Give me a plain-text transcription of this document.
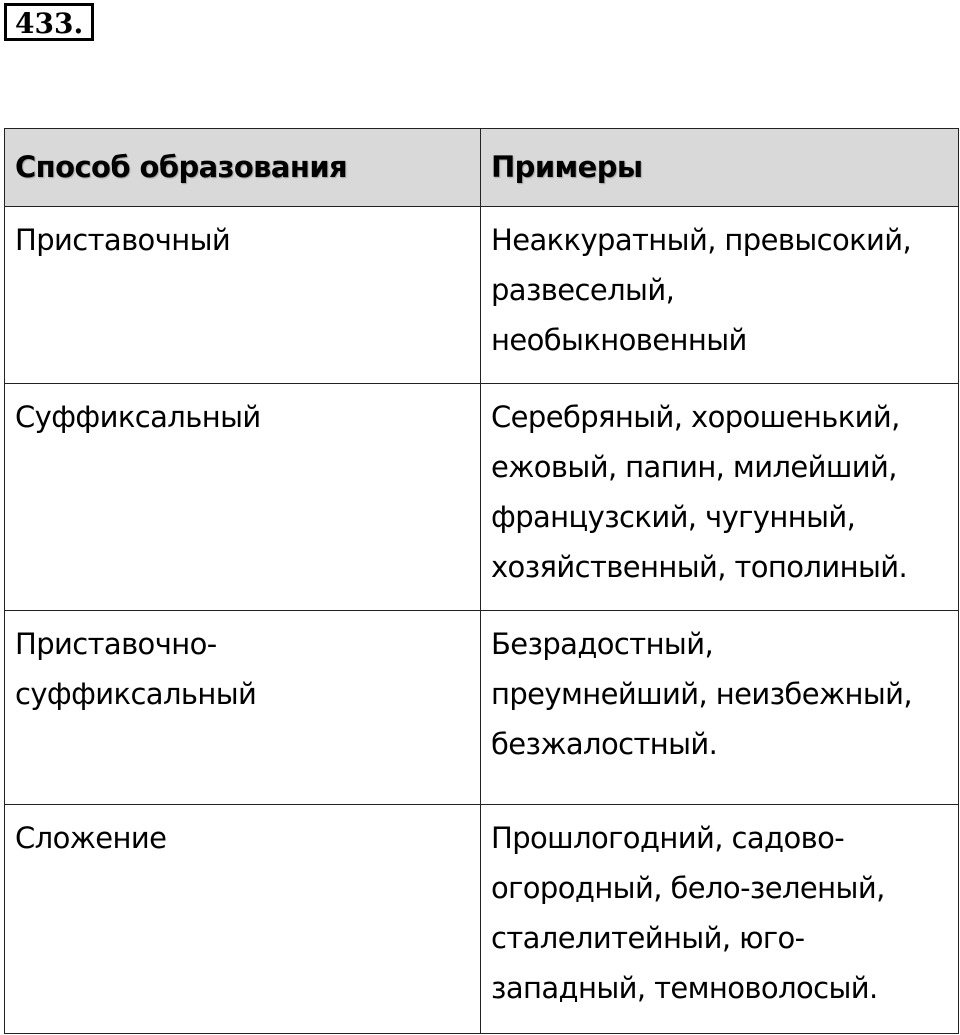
433.
Способ образования	Примеры
Приставочный	Неаккуратный, превысокий,
развеселый,
необыкновенный

Суффиксальный	Серебряный, хорошенький,
ежовый, папин, милейший,
французский, чугунный,
хозяйственный, тополиный.

Приставочно-
суффиксальный	Безрадостный,
преумнейший, неизбежный,
безжалостный.

Сложение	Прошлогодний, садово-
огородный, бело-зеленый,
сталелитейный, юго-
западный, темноволосый.
